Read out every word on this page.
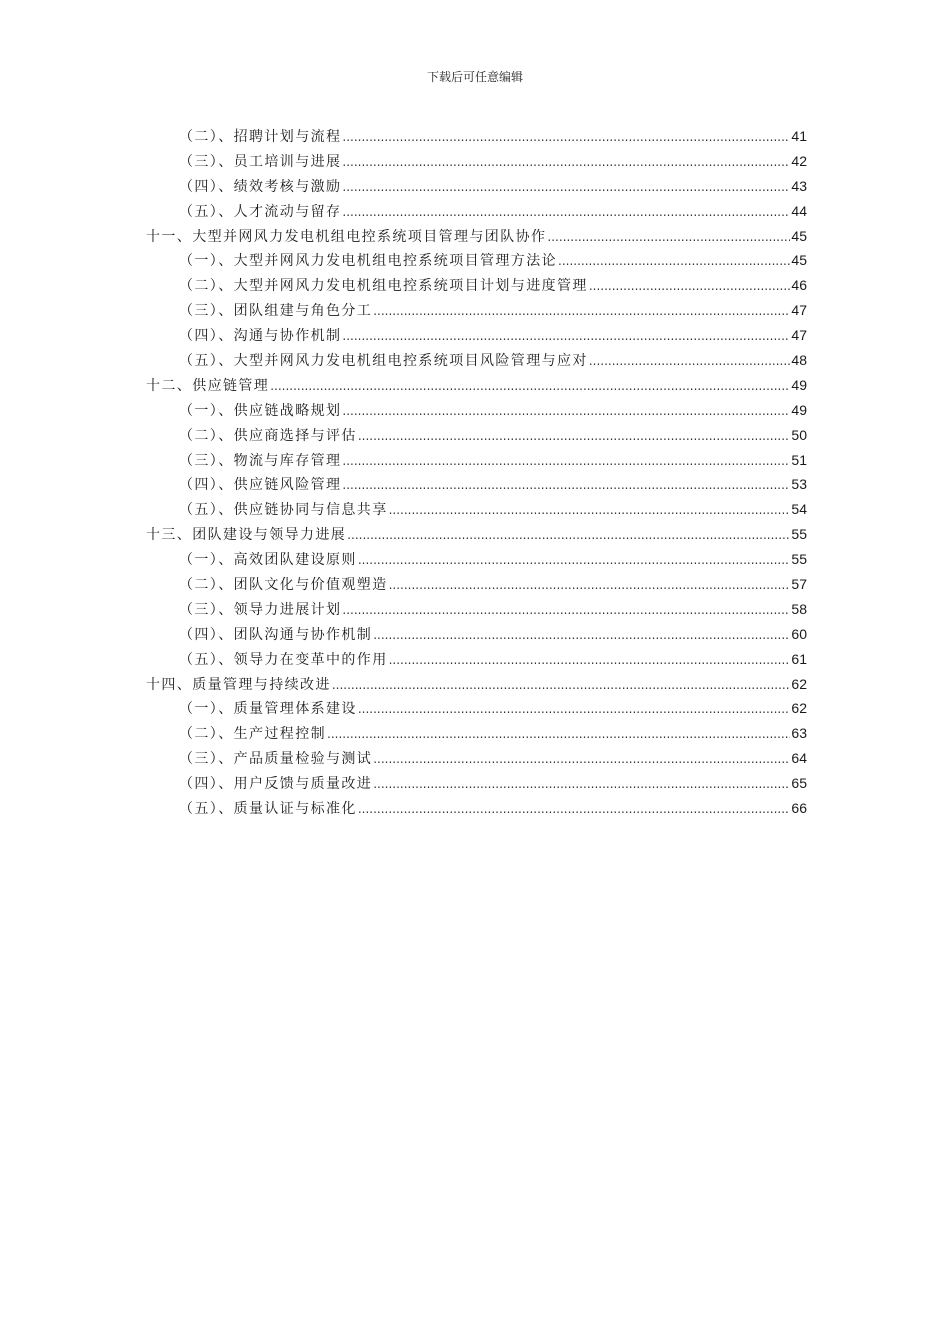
下载后可任意编辑
（二）、招聘计划与流程 .....	41
（三）、员工培训与进展 .....	42
（四）、绩效考核与激励 .....	43
（五）、人才流动与留存 .....	44
十一、大型并网风力发电机组电控系统项目管理与团队协作 .....	45
（一）、大型并网风力发电机组电控系统项目管理方法论 .....	45
（二）、大型并网风力发电机组电控系统项目计划与进度管理 .....	46
（三）、团队组建与角色分工 .....	47
（四）、沟通与协作机制 .....	47
（五）、大型并网风力发电机组电控系统项目风险管理与应对 .....	48
十二、供应链管理 .....	49
（一）、供应链战略规划 .....	49
（二）、供应商选择与评估 .....	50
（三）、物流与库存管理 .....	51
（四）、供应链风险管理 .....	53
（五）、供应链协同与信息共享 .....	54
十三、团队建设与领导力进展 .....	55
（一）、高效团队建设原则 .....	55
（二）、团队文化与价值观塑造 .....	57
（三）、领导力进展计划 .....	58
（四）、团队沟通与协作机制 .....	60
（五）、领导力在变革中的作用 .....	61
十四、质量管理与持续改进 .....	62
（一）、质量管理体系建设 .....	62
（二）、生产过程控制 .....	63
（三）、产品质量检验与测试 .....	64
（四）、用户反馈与质量改进 .....	65
（五）、质量认证与标准化 .....	66
